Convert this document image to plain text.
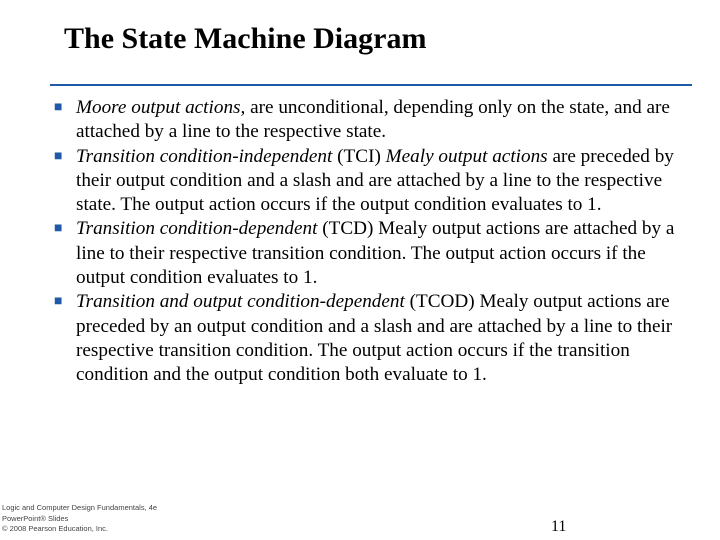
The State Machine Diagram
■ Moore output actions, are unconditional, depending only on the state, and are attached by a line to the respective state.
■ Transition condition-independent (TCI) Mealy output actions are preceded by their output condition and a slash and are attached by a line to the respective state. The output action occurs if the output condition evaluates to 1.
■ Transition condition-dependent (TCD) Mealy output actions are attached by a line to their respective transition condition. The output action occurs if the output condition evaluates to 1.
■ Transition and output condition-dependent (TCOD) Mealy output actions are preceded by an output condition and a slash and are attached by a line to their respective transition condition. The output action occurs if the transition condition and the output condition both evaluate to 1.
Logic and Computer Design Fundamentals, 4e
PowerPoint® Slides
© 2008 Pearson Education, Inc.	11
